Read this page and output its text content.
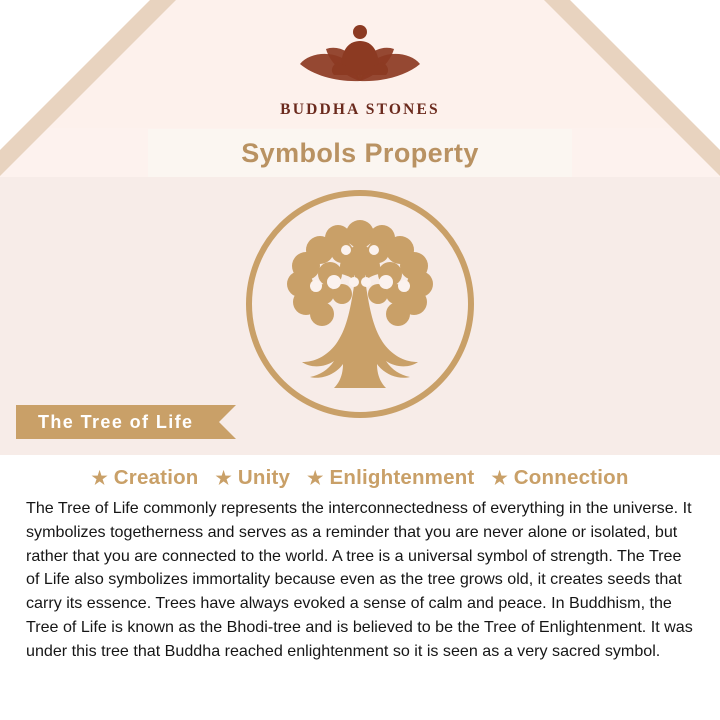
BUDDHA STONES
Symbols Property
The Tree of Life
★ Creation ★ Unity ★ Enlightenment ★ Connection

The Tree of Life commonly represents the interconnectedness of everything in the universe. It symbolizes togetherness and serves as a reminder that you are never alone or isolated, but rather that you are connected to the world. A tree is a universal symbol of strength. The Tree of Life also symbolizes immortality because even as the tree grows old, it creates seeds that carry its essence. Trees have always evoked a sense of calm and peace. In Buddhism, the Tree of Life is known as the Bhodi-tree and is believed to be the Tree of Enlightenment. It was under this tree that Buddha reached enlightenment so it is seen as a very sacred symbol.
